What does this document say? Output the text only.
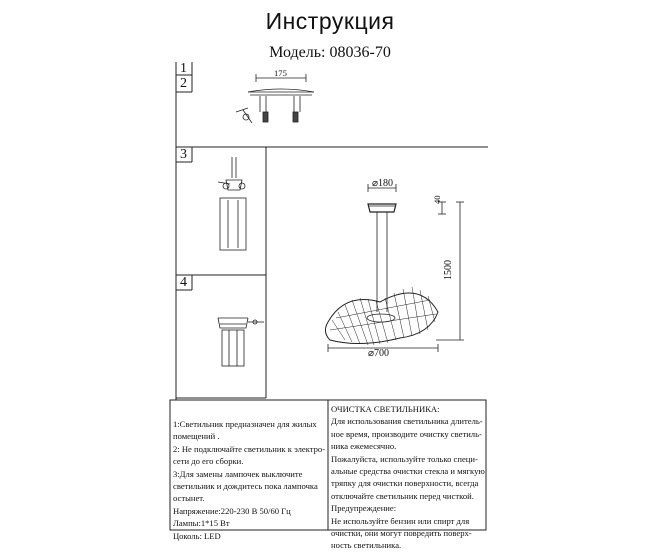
Инструкция
Модель: 08036-70
1
2
3
4
175
⌀180
40
1500
⌀700
1:Светильник предназначен для жилых
помещений .
2: Не подключайте светильник к электро-
сети до его сборки.
3:Для замены лампочек выключите
светильник и дождитесь пока лампочка
остынет.
Напряжение:220-230 В 50/60 Гц
Лампы:1*15 Вт
Цоколь: LED
ОЧИСТКА СВЕТИЛЬНИКА:
Для использования светильника длитель-
ное время, производите очистку светиль-
ника ежемесячно.
Пожалуйста, используйте только специ-
альные средства очистки стекла и мягкую
тряпку для очистки поверхности, всегда
отключайте светильник перед чисткой.
Предупреждение:
Не используйте бензин или спирт для
очистки, они могут повредить поверх-
ность светильника.
